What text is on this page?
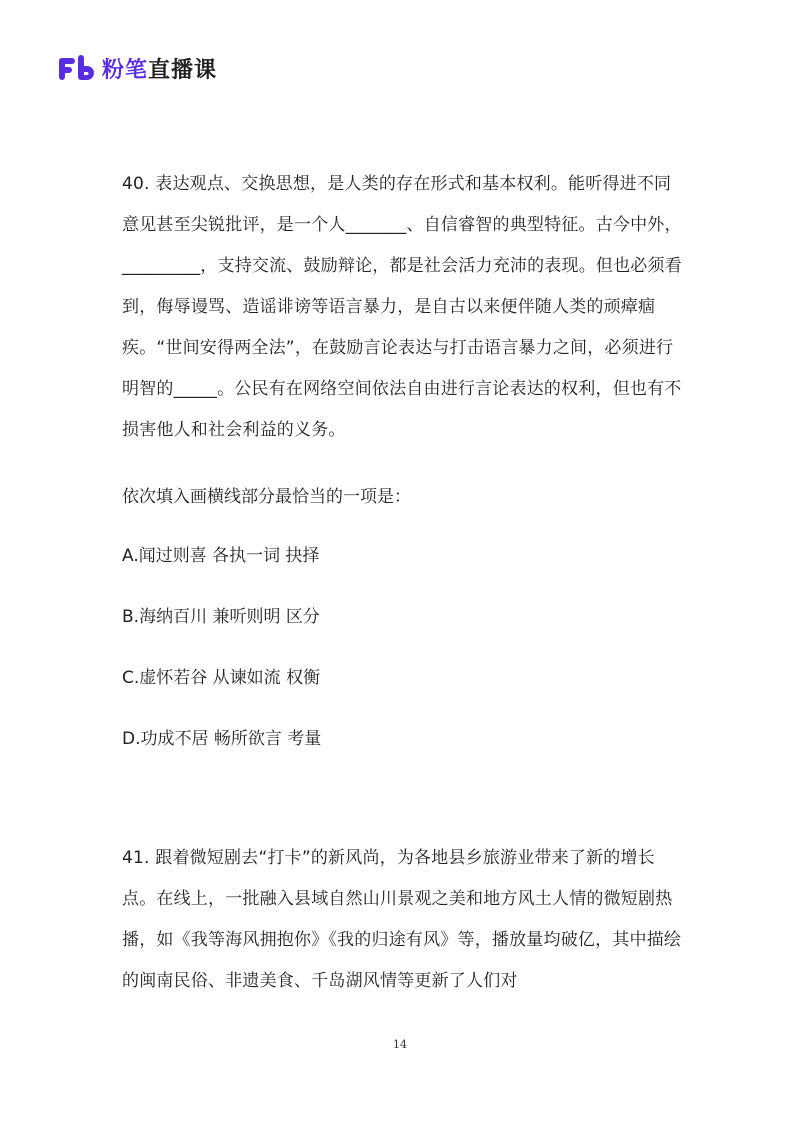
粉笔直播课

40. 表达观点、交换思想，是人类的存在形式和基本权利。能听得进不同意见甚至尖锐批评，是一个人_______、自信睿智的典型特征。古今中外，_________，支持交流、鼓励辩论，都是社会活力充沛的表现。但也必须看到，侮辱谩骂、造谣诽谤等语言暴力，是自古以来便伴随人类的顽瘴痼疾。“世间安得两全法”，在鼓励言论表达与打击语言暴力之间，必须进行明智的_____。公民有在网络空间依法自由进行言论表达的权利，但也有不损害他人和社会利益的义务。

依次填入画横线部分最恰当的一项是：

A.闻过则喜 各执一词 抉择

B.海纳百川 兼听则明 区分

C.虚怀若谷 从谏如流 权衡

D.功成不居 畅所欲言 考量

41. 跟着微短剧去“打卡”的新风尚，为各地县乡旅游业带来了新的增长点。在线上，一批融入县域自然山川景观之美和地方风土人情的微短剧热播，如《我等海风拥抱你》《我的归途有风》等，播放量均破亿，其中描绘的闽南民俗、非遗美食、千岛湖风情等更新了人们对

14
